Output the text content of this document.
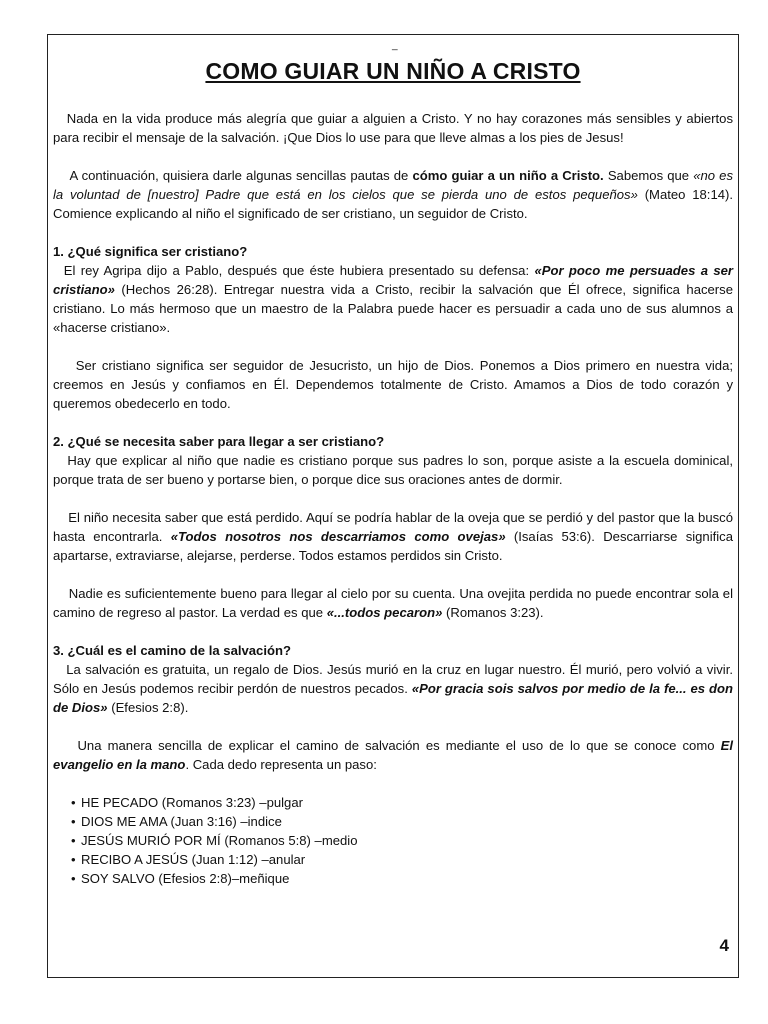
_
COMO GUIAR UN NIÑO A CRISTO

Nada en la vida produce más alegría que guiar a alguien a Cristo. Y no hay corazones más sensibles y abiertos para recibir el mensaje de la salvación. ¡Que Dios lo use para que lleve almas a los pies de Jesus!

A continuación, quisiera darle algunas sencillas pautas de cómo guiar a un niño a Cristo. Sabemos que «no es la voluntad de [nuestro] Padre que está en los cielos que se pierda uno de estos pequeños» (Mateo 18:14). Comience explicando al niño el significado de ser cristiano, un seguidor de Cristo.

1. ¿Qué significa ser cristiano?

El rey Agripa dijo a Pablo, después que éste hubiera presentado su defensa: «Por poco me persuades a ser cristiano» (Hechos 26:28). Entregar nuestra vida a Cristo, recibir la salvación que Él ofrece, significa hacerse cristiano. Lo más hermoso que un maestro de la Palabra puede hacer es persuadir a cada uno de sus alumnos a «hacerse cristiano».

Ser cristiano significa ser seguidor de Jesucristo, un hijo de Dios. Ponemos a Dios primero en nuestra vida; creemos en Jesús y confiamos en Él. Dependemos totalmente de Cristo. Amamos a Dios de todo corazón y queremos obedecerlo en todo.

2. ¿Qué se necesita saber para llegar a ser cristiano?

Hay que explicar al niño que nadie es cristiano porque sus padres lo son, porque asiste a la escuela dominical, porque trata de ser bueno y portarse bien, o porque dice sus oraciones antes de dormir.

El niño necesita saber que está perdido. Aquí se podría hablar de la oveja que se perdió y del pastor que la buscó hasta encontrarla. «Todos nosotros nos descarriamos como ovejas» (Isaías 53:6). Descarriarse significa apartarse, extraviarse, alejarse, perderse. Todos estamos perdidos sin Cristo.

Nadie es suficientemente bueno para llegar al cielo por su cuenta. Una ovejita perdida no puede encontrar sola el camino de regreso al pastor. La verdad es que «...todos pecaron» (Romanos 3:23).

3. ¿Cuál es el camino de la salvación?

La salvación es gratuita, un regalo de Dios. Jesús murió en la cruz en lugar nuestro. Él murió, pero volvió a vivir. Sólo en Jesús podemos recibir perdón de nuestros pecados. «Por gracia sois salvos por medio de la fe... es don de Dios» (Efesios 2:8).

Una manera sencilla de explicar el camino de salvación es mediante el uso de lo que se conoce como El evangelio en la mano. Cada dedo representa un paso:

• HE PECADO (Romanos 3:23) –pulgar
• DIOS ME AMA (Juan 3:16) –indice
• JESÚS MURIÓ POR MÍ (Romanos 5:8) –medio
• RECIBO A JESÚS (Juan 1:12) –anular
• SOY SALVO (Efesios 2:8)–meñique
4
